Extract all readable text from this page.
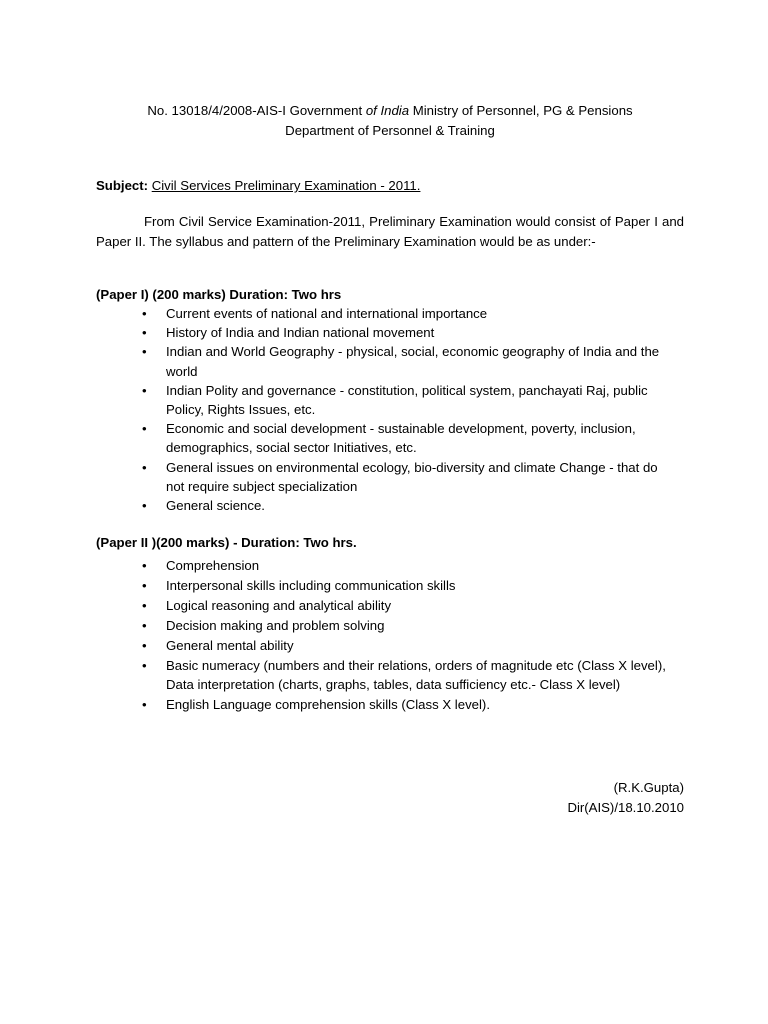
No. 13018/4/2008-AIS-I Government of India Ministry of Personnel, PG & Pensions
Department of Personnel & Training
Subject: Civil Services Preliminary Examination - 2011.

From Civil Service Examination-2011, Preliminary Examination would consist of Paper I and Paper II. The syllabus and pattern of the Preliminary Examination would be as under:-

(Paper I) (200 marks) Duration: Two hrs
• Current events of national and international importance
• History of India and Indian national movement
• Indian and World Geography - physical, social, economic geography of India and the world
• Indian Polity and governance - constitution, political system, panchayati Raj, public Policy, Rights Issues, etc.
• Economic and social development - sustainable development, poverty, inclusion, demographics, social sector Initiatives, etc.
• General issues on environmental ecology, bio-diversity and climate Change - that do not require subject specialization
• General science.
(Paper II )(200 marks) - Duration: Two hrs.
• Comprehension
• Interpersonal skills including communication skills
• Logical reasoning and analytical ability
• Decision making and problem solving
• General mental ability
• Basic numeracy (numbers and their relations, orders of magnitude etc (Class X level), Data interpretation (charts, graphs, tables, data sufficiency etc.- Class X level)
• English Language comprehension skills (Class X level).
(R.K.Gupta)
Dir(AIS)/18.10.2010
